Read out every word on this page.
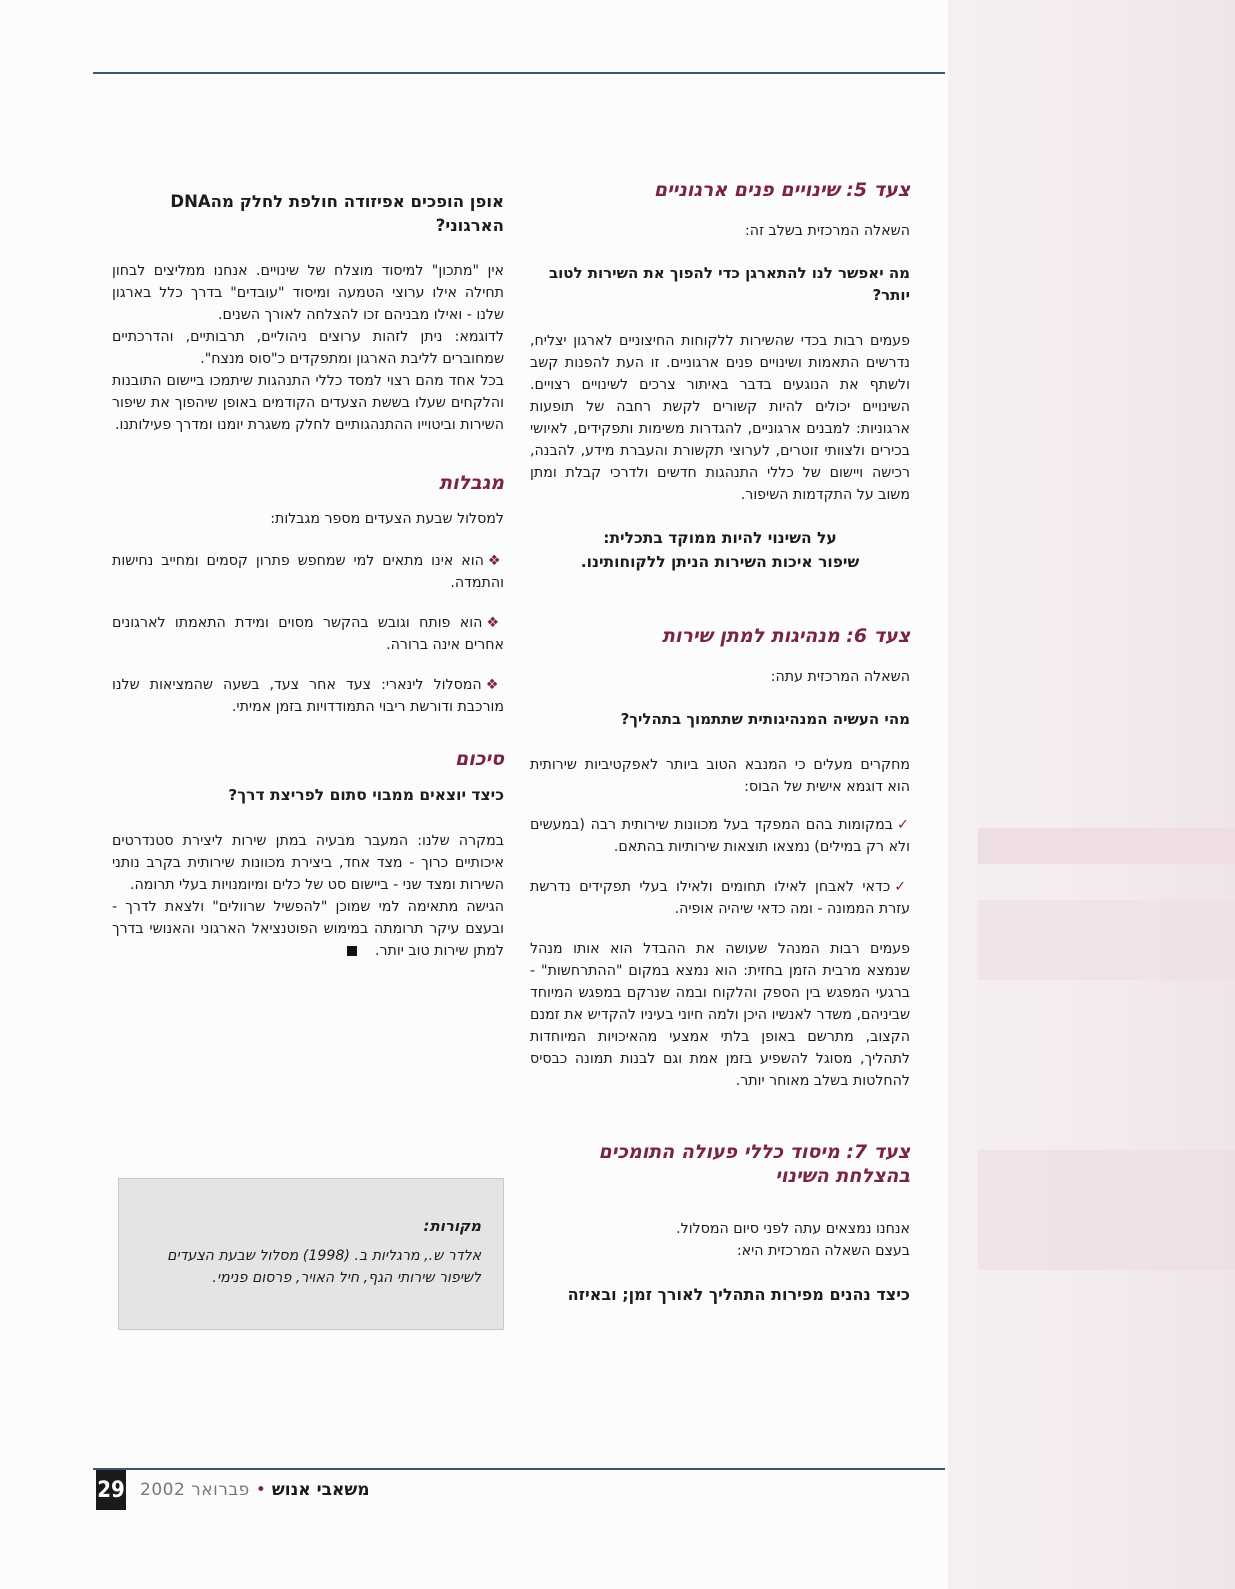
צעד 5: שינויים פנים ארגוניים

השאלה המרכזית בשלב זה:

מה יאפשר לנו להתארגן כדי להפוך את השירות לטוב יותר?

פעמים רבות בכדי שהשירות ללקוחות החיצוניים לארגון יצליח, נדרשים התאמות ושינויים פנים ארגוניים. זו העת להפנות קשב ולשתף את הנוגעים בדבר באיתור צרכים לשינויים רצויים. השינויים יכולים להיות קשורים לקשת רחבה של תופעות ארגוניות: למבנים ארגוניים, להגדרות משימות ותפקידים, לאיושי בכירים ולצוותי זוטרים, לערוצי תקשורת והעברת מידע, להבנה, רכישה ויישום של כללי התנהגות חדשים ולדרכי קבלת ומתן משוב על התקדמות השיפור.

על השינוי להיות ממוקד בתכלית:
שיפור איכות השירות הניתן ללקוחותינו.
צעד 6: מנהיגות למתן שירות

השאלה המרכזית עתה:

מהי העשיה המנהיגותית שתתמוך בתהליך?

מחקרים מעלים כי המנבא הטוב ביותר לאפקטיביות שירותית הוא דוגמא אישית של הבוס:

✓במקומות בהם המפקד בעל מכוונות שירותית רבה (במעשים ולא רק במילים) נמצאו תוצאות שירותיות בהתאם.

✓כדאי לאבחן לאילו תחומים ולאילו בעלי תפקידים נדרשת עזרת הממונה - ומה כדאי שיהיה אופיה.

פעמים רבות המנהל שעושה את ההבדל הוא אותו מנהל שנמצא מרבית הזמן בחזית: הוא נמצא במקום "ההתרחשות" - ברגעי המפגש בין הספק והלקוח ובמה שנרקם במפגש המיוחד שביניהם, משדר לאנשיו היכן ולמה חיוני בעיניו להקדיש את זמנם הקצוב, מתרשם באופן בלתי אמצעי מהאיכויות המיוחדות לתהליך, מסוגל להשפיע בזמן אמת וגם לבנות תמונה כבסיס להחלטות בשלב מאוחר יותר.

צעד 7: מיסוד כללי פעולה התומכים
בהצלחת השינוי

אנחנו נמצאים עתה לפני סיום המסלול.

בעצם השאלה המרכזית היא:

כיצד נהנים מפירות התהליך לאורך זמן; ובאיזה

אופן הופכים אפיזודה חולפת לחלק מהDNA הארגוני?

אין "מתכון" למיסוד מוצלח של שינויים. אנחנו ממליצים לבחון תחילה אילו ערוצי הטמעה ומיסוד "עובדים" בדרך כלל בארגון שלנו - ואילו מבניהם זכו להצלחה לאורך השנים.

לדוגמא: ניתן לזהות ערוצים ניהוליים, תרבותיים, והדרכתיים שמחוברים לליבת הארגון ומתפקדים כ"סוס מנצח".

בכל אחד מהם רצוי למסד כללי התנהגות שיתמכו ביישום התובנות והלקחים שעלו בששת הצעדים הקודמים באופן שיהפוך את שיפור השירות וביטוייו ההתנהגותיים לחלק משגרת יומנו ומדרך פעילותנו.

מגבלות

למסלול שבעת הצעדים מספר מגבלות:

❖הוא אינו מתאים למי שמחפש פתרון קסמים ומחייב נחישות והתמדה.

❖הוא פותח וגובש בהקשר מסוים ומידת התאמתו לארגונים אחרים אינה ברורה.

❖המסלול לינארי: צעד אחר צעד, בשעה שהמציאות שלנו מורכבת ודורשת ריבוי התמודדויות בזמן אמיתי.

סיכום

כיצד יוצאים ממבוי סתום לפריצת דרך?

במקרה שלנו: המעבר מבעיה במתן שירות ליצירת סטנדרטים איכותיים כרוך - מצד אחד, ביצירת מכוונות שירותית בקרב נותני השירות ומצד שני - ביישום סט של כלים ומיומנויות בעלי תרומה.

הגישה מתאימה למי שמוכן "להפשיל שרוולים" ולצאת לדרך - ובעצם עיקר תרומתה במימוש הפוטנציאל הארגוני והאנושי בדרך למתן שירות טוב יותר.

מקורות:
אלדר ש., מרגליות ב. (1998) מסלול שבעת הצעדים לשיפור שירותי הגף, חיל האויר, פרסום פנימי.
29	משאבי אנוש•פברואר 2002
